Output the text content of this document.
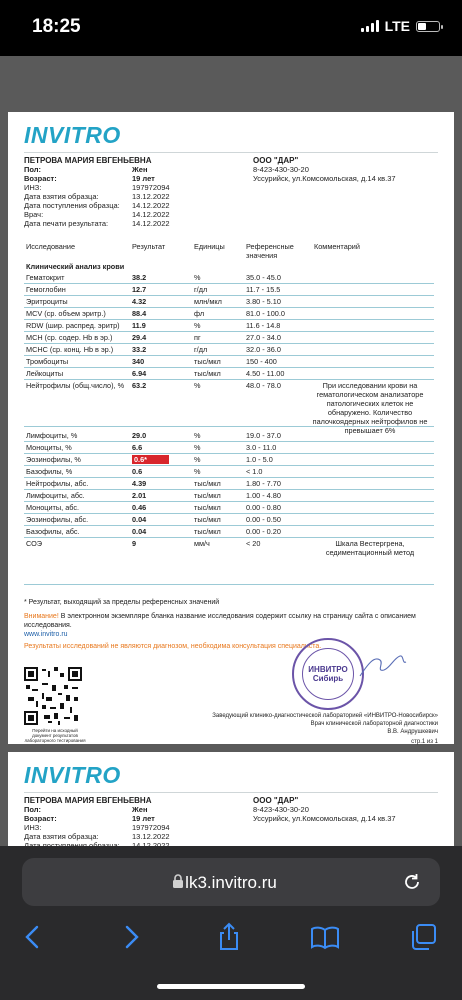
18:25	LTE
INVITRO
ПЕТРОВА МАРИЯ ЕВГЕНЬЕВНА
Пол:	Жен
Возраст:	19 лет
ИНЗ:	197972094
Дата взятия образца:	13.12.2022
Дата поступления образца: 14.12.2022
Врач:	14.12.2022
Дата печати результата:	14.12.2022
ООО "ДАР"
8-423-430-30-20
Уссурийск, ул.Комсомольская, д.14 кв.37
Исследование	Результат	Единицы	Референсные значения
Комментарий
Клинический анализ крови
Гематокрит	38.2	%	35.0 - 45.0
Гемоглобин	12.7	г/дл	11.7 - 15.5
Эритроциты	4.32	млн/мкл	3.80 - 5.10
MCV (ср. объем эритр.)	88.4	фл	81.0 - 100.0
RDW (шир. распред. эритр) 11.9	%	11.6 - 14.8
MCH (ср. содер. Hb в эр.)	29.4	пг	27.0 - 34.0
MCHC (ср. конц. Hb в эр.)	33.2	г/дл	32.0 - 36.0
Тромбоциты	340	тыс/мкл	150 - 400
Лейкоциты	6.94	тыс/мкл	4.50 - 11.00
Нейтрофилы (общ.число), % 63.2	%	48.0 - 78.0	При исследовании крови на гематологическом анализаторе патологических клеток не обнаружено. Количество палочкоядерных нейтрофилов не превышает 6%
Лимфоциты, %	29.0	%	19.0 - 37.0
Моноциты, %	6.6	%	3.0 - 11.0
Эозинофилы, %	0.6*	%	1.0 - 5.0
Базофилы, %	0.6	%	< 1.0
Нейтрофилы, абс.	4.39	тыс/мкл	1.80 - 7.70
Лимфоциты, абс.	2.01	тыс/мкл	1.00 - 4.80
Моноциты, абс.	0.46	тыс/мкл	0.00 - 0.80
Эозинофилы, абс.	0.04	тыс/мкл	0.00 - 0.50
Базофилы, абс.	0.04	тыс/мкл	0.00 - 0.20
СОЭ	9	мм/ч	< 20	Шкала Вестергрена, седиментационный метод
* Результат, выходящий за пределы референсных значений
Внимание! В электронном экземпляре бланка название исследования содержит ссылку на страницу сайта с описанием исследования.
www.invitro.ru
Результаты исследований не являются диагнозом, необходима консультация специалиста.
Перейти на исходный документ результатов лабораторного тестирования
ИНВИТРО
Сибирь
Заведующий клинико-диагностической лабораторией «ИНВИТРО-Новосибирск»
Врач клинической лабораторной диагностики
В.В. Андрушкевич
стр.1 из 1
INVITRO
ПЕТРОВА МАРИЯ ЕВГЕНЬЕВНА
Пол:	Жен
Возраст:	19 лет
ИНЗ:	197972094
Дата взятия образца:	13.12.2022
ООО "ДАР"
8-423-430-30-20
Уссурийск, ул.Комсомольская, д.14 кв.37
lk3.invitro.ru
